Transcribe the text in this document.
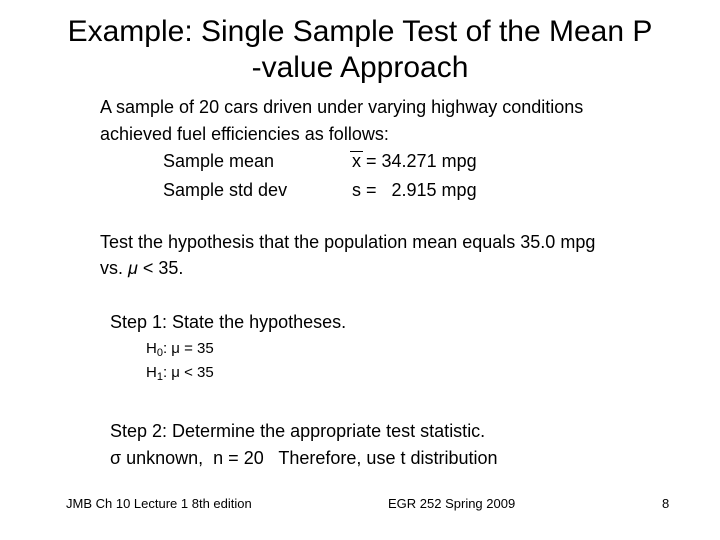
Example: Single Sample Test of the Mean P
-value Approach
A sample of 20 cars driven under varying highway conditions
achieved fuel efficiencies as follows:
Sample mean	x = 34.271 mpg
Sample std dev	s =   2.915 mpg
Test the hypothesis that the population mean equals 35.0 mpg
vs. μ < 35.
Step 1: State the hypotheses.
$H_0$: μ = 35
$H_1$: μ < 35
Step 2: Determine the appropriate test statistic.
σ unknown,  n = 20   Therefore, use t distribution
JMB Ch 10 Lecture 1 8th edition	EGR 252 Spring 2009	8
